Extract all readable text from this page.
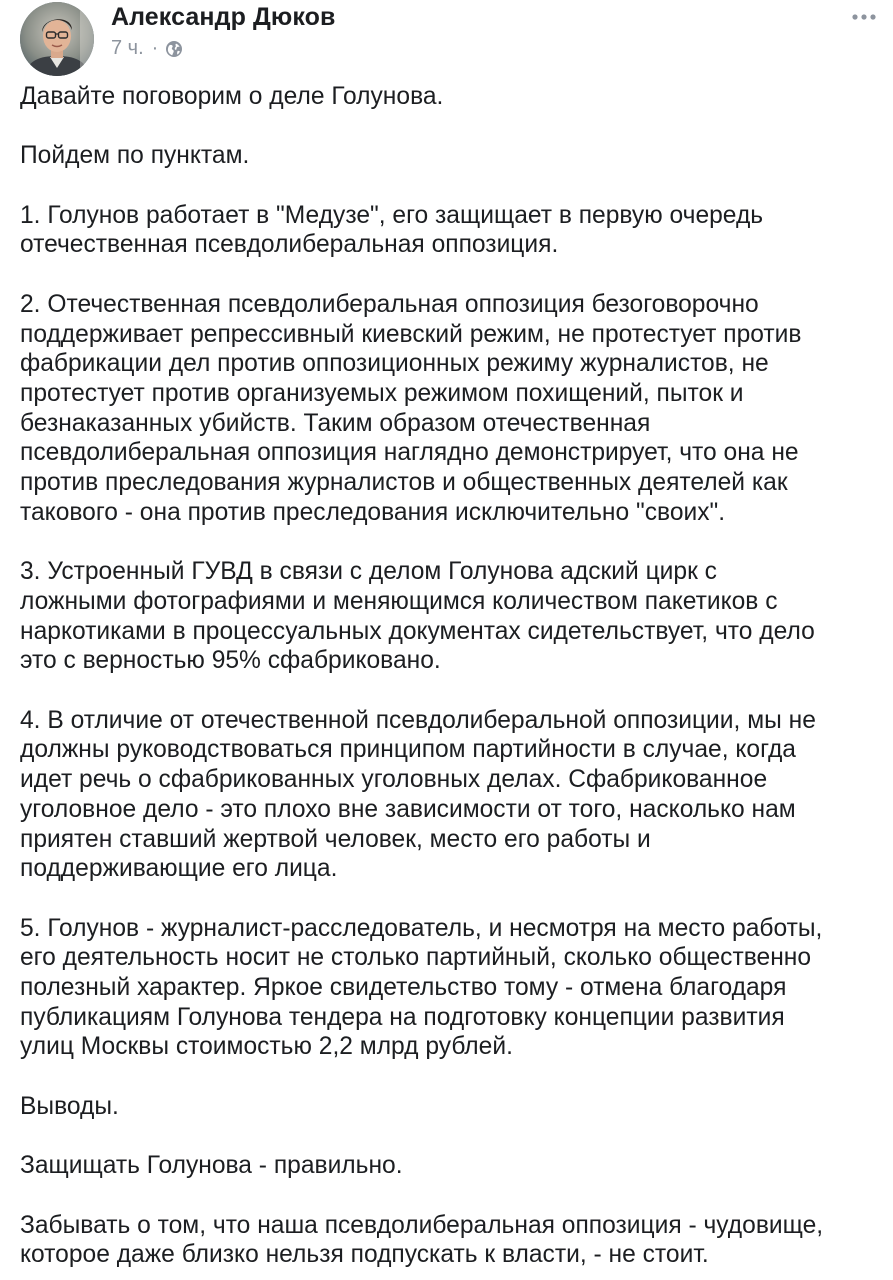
Александр Дюков
7 ч. ·

Давайте поговорим о деле Голунова.

Пойдем по пунктам.

1. Голунов работает в "Медузе", его защищает в первую очередь

отечественная псевдолиберальная оппозиция.

2. Отечественная псевдолиберальная оппозиция безоговорочно

поддерживает репрессивный киевский режим, не протестует против

фабрикации дел против оппозиционных режиму журналистов, не

протестует против организуемых режимом похищений, пыток и

безнаказанных убийств. Таким образом отечественная

псевдолиберальная оппозиция наглядно демонстрирует, что она не

против преследования журналистов и общественных деятелей как

такового - она против преследования исключительно "своих".

3. Устроенный ГУВД в связи с делом Голунова адский цирк с

ложными фотографиями и меняющимся количеством пакетиков с

наркотиками в процессуальных документах сидетельствует, что дело

это с верностью 95% сфабриковано.

4. В отличие от отечественной псевдолиберальной оппозиции, мы не

должны руководствоваться принципом партийности в случае, когда

идет речь о сфабрикованных уголовных делах. Сфабрикованное

уголовное дело - это плохо вне зависимости от того, насколько нам

приятен ставший жертвой человек, место его работы и

поддерживающие его лица.

5. Голунов - журналист-расследователь, и несмотря на место работы,

его деятельность носит не столько партийный, сколько общественно

полезный характер. Яркое свидетельство тому - отмена благодаря

публикациям Голунова тендера на подготовку концепции развития

улиц Москвы стоимостью 2,2 млрд рублей.

Выводы.

Защищать Голунова - правильно.

Забывать о том, что наша псевдолиберальная оппозиция - чудовище,

которое даже близко нельзя подпускать к власти, - не стоит.
